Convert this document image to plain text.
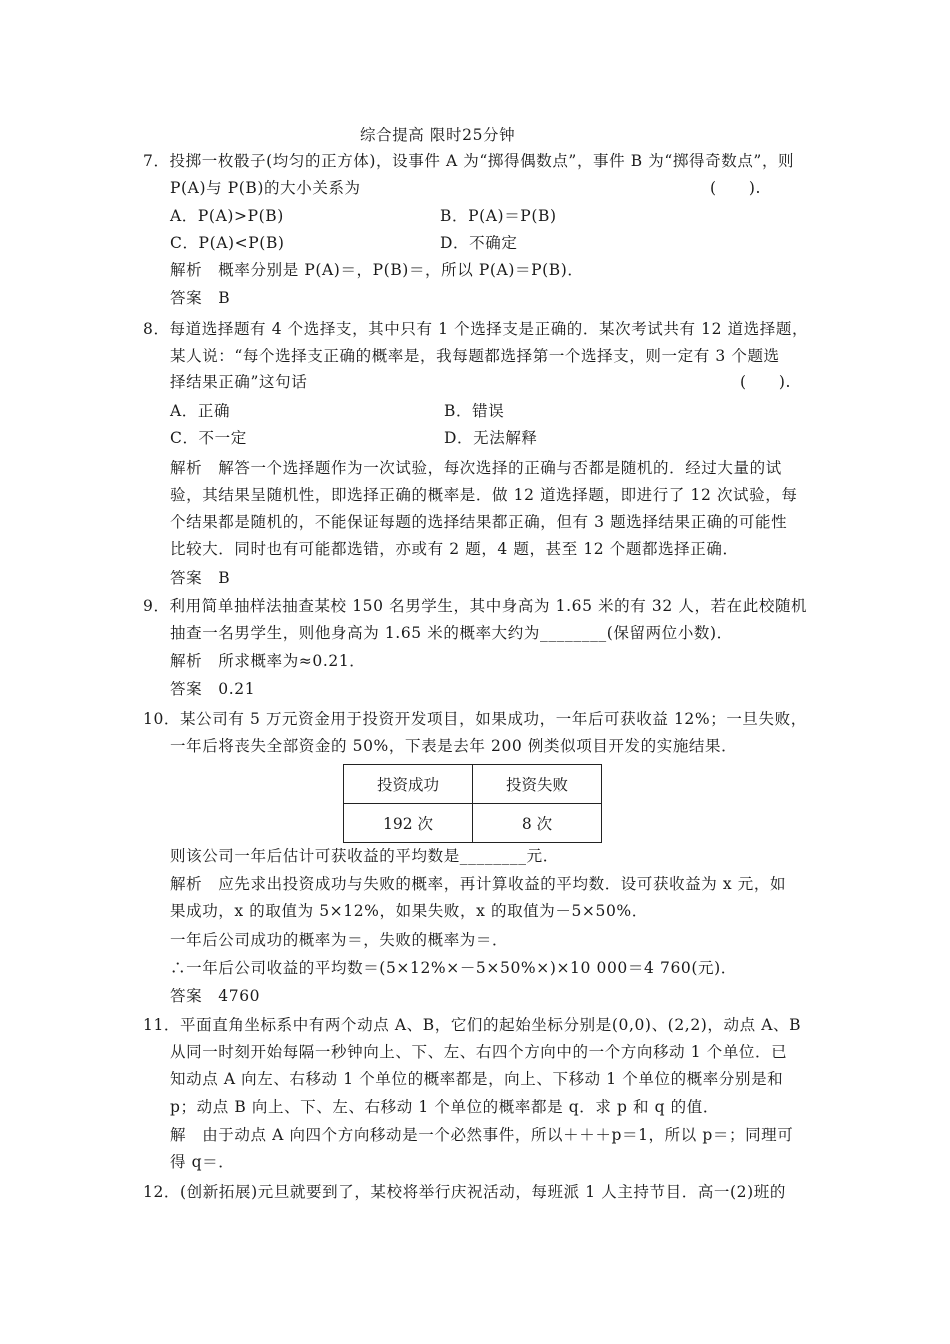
综合提高 限时25分钟
7．投掷一枚骰子(均匀的正方体)，设事件 A 为“掷得偶数点”，事件 B 为“掷得奇数点”，则
P(A)与 P(B)的大小关系为	(　　).
A．P(A)>P(B)	B．P(A)＝P(B)
C．P(A)<P(B)	D．不确定
解析　概率分别是 P(A)＝，P(B)＝，所以 P(A)＝P(B)．
答案　B
8．每道选择题有 4 个选择支，其中只有 1 个选择支是正确的．某次考试共有 12 道选择题，
某人说：“每个选择支正确的概率是，我每题都选择第一个选择支，则一定有 3 个题选
择结果正确”这句话	(　　).
A．正确	B．错误
C．不一定	D．无法解释
解析　解答一个选择题作为一次试验，每次选择的正确与否都是随机的．经过大量的试
验，其结果呈随机性，即选择正确的概率是．做 12 道选择题，即进行了 12 次试验，每
个结果都是随机的，不能保证每题的选择结果都正确，但有 3 题选择结果正确的可能性
比较大．同时也有可能都选错，亦或有 2 题，4 题，甚至 12 个题都选择正确．
答案　B
9．利用简单抽样法抽查某校 150 名男学生，其中身高为 1.65 米的有 32 人，若在此校随机
抽查一名男学生，则他身高为 1.65 米的概率大约为________(保留两位小数)．
解析　所求概率为≈0.21．
答案　0.21
10．某公司有 5 万元资金用于投资开发项目，如果成功，一年后可获收益 12%；一旦失败，
一年后将丧失全部资金的 50%，下表是去年 200 例类似项目开发的实施结果．
投资成功	投资失败
192 次	8 次
则该公司一年后估计可获收益的平均数是________元．
解析　应先求出投资成功与失败的概率，再计算收益的平均数．设可获收益为 x 元，如
果成功，x 的取值为 5×12%，如果失败，x 的取值为－5×50%．
一年后公司成功的概率为＝，失败的概率为＝．
∴一年后公司收益的平均数＝(5×12%×－5×50%×)×10 000＝4 760(元)．
答案　4760
11．平面直角坐标系中有两个动点 A、B，它们的起始坐标分别是(0,0)、(2,2)，动点 A、B
从同一时刻开始每隔一秒钟向上、下、左、右四个方向中的一个方向移动 1 个单位．已
知动点 A 向左、右移动 1 个单位的概率都是，向上、下移动 1 个单位的概率分别是和
p；动点 B 向上、下、左、右移动 1 个单位的概率都是 q．求 p 和 q 的值．
解　由于动点 A 向四个方向移动是一个必然事件，所以＋＋＋p＝1，所以 p＝；同理可
得 q＝．
12．(创新拓展)元旦就要到了，某校将举行庆祝活动，每班派 1 人主持节目．高一(2)班的
